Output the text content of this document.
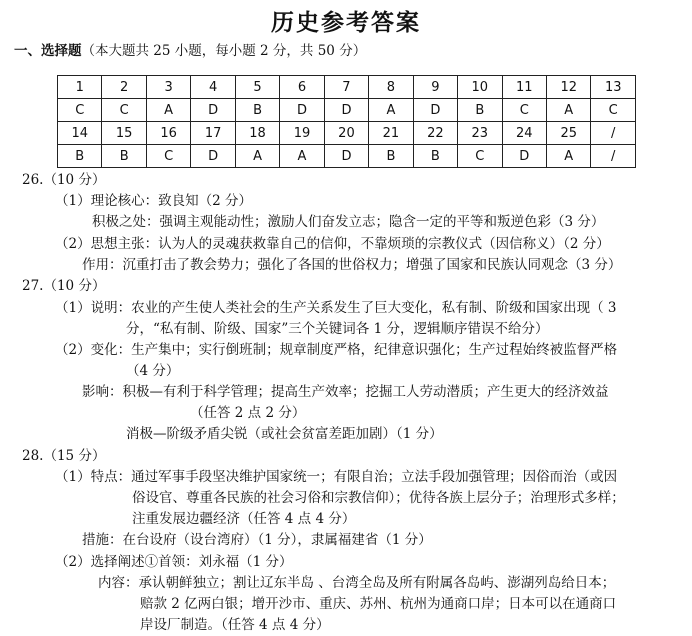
历史参考答案
一、选择题（本大题共 25 小题，每小题 2 分，共 50 分）
1	2	3	4	5	6	7	8	9	10	11	12	13
C	C	A	D	B	D	D	A	D	B	C	A	C
14	15	16	17	18	19	20	21	22	23	24	25	/
B	B	C	D	A	A	D	B	B	C	D	A	/
26.（10 分）
（1）理论核心：致良知（2 分）
积极之处：强调主观能动性；激励人们奋发立志；隐含一定的平等和叛逆色彩（3 分）
（2）思想主张：认为人的灵魂获救靠自己的信仰，不靠烦琐的宗教仪式（因信称义）（2 分）
作用：沉重打击了教会势力；强化了各国的世俗权力；增强了国家和民族认同观念（3 分）
27.（10 分）
（1）说明：农业的产生使人类社会的生产关系发生了巨大变化，私有制、阶级和国家出现（ 3
分，“私有制、阶级、国家”三个关键词各 1 分，逻辑顺序错误不给分）
（2）变化：生产集中；实行倒班制；规章制度严格，纪律意识强化；生产过程始终被监督严格
（4 分）
影响：积极—有利于科学管理；提高生产效率；挖掘工人劳动潜质；产生更大的经济效益
（任答 2 点 2 分）
消极—阶级矛盾尖锐（或社会贫富差距加剧）（1 分）
28.（15 分）
（1）特点：通过军事手段坚决维护国家统一；有限自治；立法手段加强管理；因俗而治（或因
俗设官、尊重各民族的社会习俗和宗教信仰）；优待各族上层分子；治理形式多样；
注重发展边疆经济（任答 4 点 4 分）
措施：在台设府（设台湾府）（1 分），隶属福建省（1 分）
（2）选择阐述①首领：刘永福（1 分）
内容：承认朝鲜独立；割让辽东半岛 、台湾全岛及所有附属各岛屿、澎湖列岛给日本；
赔款 2 亿两白银；增开沙市、重庆、苏州、杭州为通商口岸；日本可以在通商口
岸设厂制造。（任答 4 点 4 分）
